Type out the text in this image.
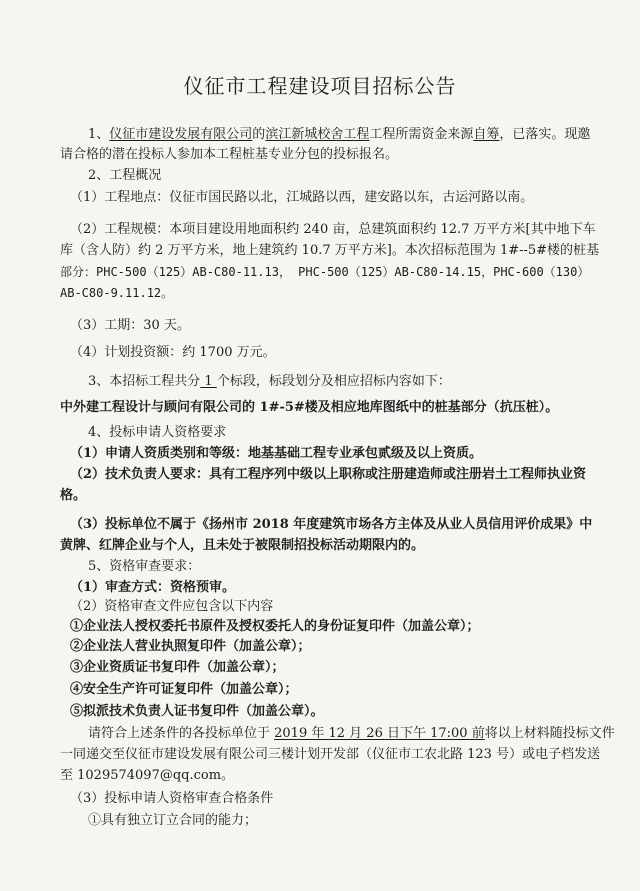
仪征市工程建设项目招标公告
1、仪征市建设发展有限公司的滨江新城校舍工程工程所需资金来源自筹，已落实。现邀
请合格的潜在投标人参加本工程桩基专业分包的投标报名。
2、工程概况
（1）工程地点：仪征市国民路以北，江城路以西，建安路以东，古运河路以南。
（2）工程规模：本项目建设用地面积约 240 亩，总建筑面积约 12.7 万平方米[其中地下车
库（含人防）约 2 万平方米，地上建筑约 10.7 万平方米]。本次招标范围为 1#--5#楼的桩基
部分：PHC-500（125）AB-C80-11.13， PHC-500（125）AB-C80-14.15，PHC-600（130）
AB-C80-9.11.12。
（3）工期：30 天。
（4）计划投资额：约 1700 万元。
3、本招标工程共分 1 个标段，标段划分及相应招标内容如下：
中外建工程设计与顾问有限公司的 1#-5#楼及相应地库图纸中的桩基部分（抗压桩）。
4、投标申请人资格要求
（1）申请人资质类别和等级：地基基础工程专业承包贰级及以上资质。
（2）技术负责人要求：具有工程序列中级以上职称或注册建造师或注册岩土工程师执业资
格。
（3）投标单位不属于《扬州市 2018 年度建筑市场各方主体及从业人员信用评价成果》中
黄牌、红牌企业与个人，且未处于被限制招投标活动期限内的。
5、资格审查要求：
（1）审查方式：资格预审。
（2）资格审查文件应包含以下内容
①企业法人授权委托书原件及授权委托人的身份证复印件（加盖公章）；
②企业法人营业执照复印件（加盖公章）；
③企业资质证书复印件（加盖公章）；
④安全生产许可证复印件（加盖公章）；
⑤拟派技术负责人证书复印件（加盖公章）。
请符合上述条件的各投标单位于 2019 年 12 月 26 日下午 17:00 前将以上材料随投标文件
一同递交至仪征市建设发展有限公司三楼计划开发部（仪征市工农北路 123 号）或电子档发送
至 1029574097@qq.com。
（3）投标申请人资格审查合格条件
①具有独立订立合同的能力；
